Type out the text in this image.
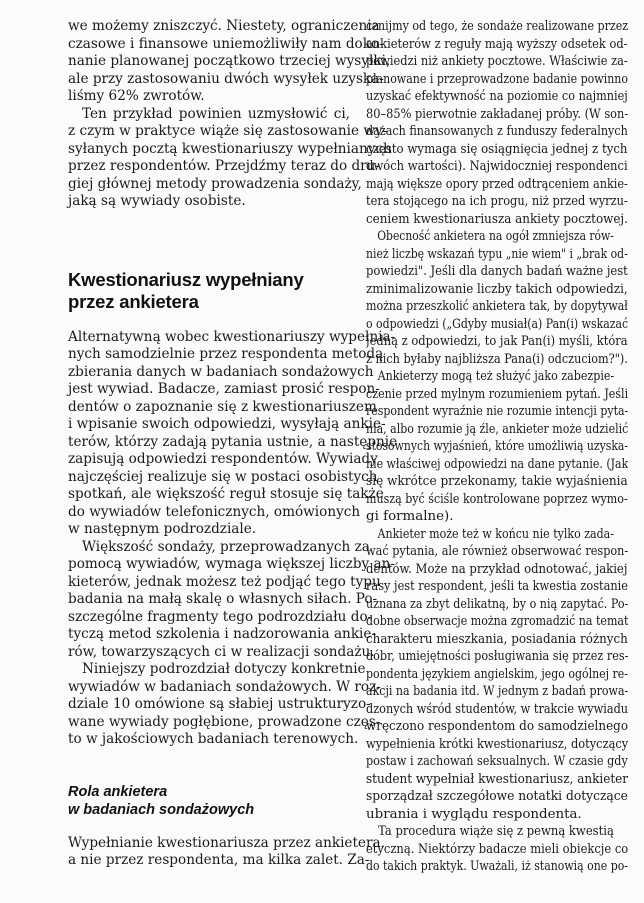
we możemy zniszczyć. Niestety, ograniczenia
czasowe i finansowe uniemożliwiły nam doko-
nanie planowanej początkowo trzeciej wysyłki,
ale przy zastosowaniu dwóch wysyłek uzyska-
liśmy 62% zwrotów.
Ten przykład powinien uzmysłowić ci,
z czym w praktyce wiąże się zastosowanie wy-
syłanych pocztą kwestionariuszy wypełnianych
przez respondentów. Przejdźmy teraz do dru-
giej głównej metody prowadzenia sondaży,
jaką są wywiady osobiste.
Kwestionariusz wypełniany
przez ankietera
Alternatywną wobec kwestionariuszy wypełnia-
nych samodzielnie przez respondenta metodą
zbierania danych w badaniach sondażowych
jest wywiad. Badacze, zamiast prosić respon-
dentów o zapoznanie się z kwestionariuszem
i wpisanie swoich odpowiedzi, wysyłają ankie-
terów, którzy zadają pytania ustnie, a następnie
zapisują odpowiedzi respondentów. Wywiady
najczęściej realizuje się w postaci osobistych
spotkań, ale większość reguł stosuje się także
do wywiadów telefonicznych, omówionych
w następnym podrozdziale.
Większość sondaży, przeprowadzanych za
pomocą wywiadów, wymaga większej liczby an-
kieterów, jednak możesz też podjąć tego typu
badania na małą skalę o własnych siłach. Po-
szczególne fragmenty tego podrozdziału do-
tyczą metod szkolenia i nadzorowania ankie-
rów, towarzyszących ci w realizacji sondażu.
Niniejszy podrozdział dotyczy konkretnie
wywiadów w badaniach sondażowych. W roz-
dziale 10 omówione są słabiej ustrukturyzo-
wane wywiady pogłębione, prowadzone częs-
to w jakościowych badaniach terenowych.
Rola ankietera
w badaniach sondażowych
Wypełnianie kwestionariusza przez ankietera,
a nie przez respondenta, ma kilka zalet. Za-
cznijmy od tego, że sondaże realizowane przez
ankieterów z reguły mają wyższy odsetek od-
powiedzi niż ankiety pocztowe. Właściwie za-
planowane i przeprowadzone badanie powinno
uzyskać efektywność na poziomie co najmniej
80–85% pierwotnie zakładanej próby. (W son-
dażach finansowanych z funduszy federalnych
często wymaga się osiągnięcia jednej z tych
dwóch wartości). Najwidoczniej respondenci
mają większe opory przed odtrąceniem ankie-
tera stojącego na ich progu, niż przed wyrzu-
ceniem kwestionariusza ankiety pocztowej.
Obecność ankietera na ogół zmniejsza rów-
nież liczbę wskazań typu „nie wiem" i „brak od-
powiedzi". Jeśli dla danych badań ważne jest
zminimalizowanie liczby takich odpowiedzi,
można przeszkolić ankietera tak, by dopytywał
o odpowiedzi („Gdyby musiał(a) Pan(i) wskazać
jedną z odpowiedzi, to jak Pan(i) myśli, która
z nich byłaby najbliższa Pana(i) odczuciom?").
Ankieterzy mogą też służyć jako zabezpie-
czenie przed mylnym rozumieniem pytań. Jeśli
respondent wyraźnie nie rozumie intencji pyta-
nia, albo rozumie ją źle, ankieter może udzielić
stosownych wyjaśnień, które umożliwią uzyska-
nie właściwej odpowiedzi na dane pytanie. (Jak
się wkrótce przekonamy, takie wyjaśnienia
muszą być ściśle kontrolowane poprzez wymo-
gi formalne).
Ankieter może też w końcu nie tylko zada-
wać pytania, ale również obserwować respon-
dentów. Może na przykład odnotować, jakiej
rasy jest respondent, jeśli ta kwestia zostanie
uznana za zbyt delikatną, by o nią zapytać. Po-
dobne obserwacje można zgromadzić na temat
charakteru mieszkania, posiadania różnych
dóbr, umiejętności posługiwania się przez res-
pondenta językiem angielskim, jego ogólnej re-
akcji na badania itd. W jednym z badań prowa-
dzonych wśród studentów, w trakcie wywiadu
wręczono respondentom do samodzielnego
wypełnienia krótki kwestionariusz, dotyczący
postaw i zachowań seksualnych. W czasie gdy
student wypełniał kwestionariusz, ankieter
sporządzał szczegółowe notatki dotyczące
ubrania i wyglądu respondenta.
Ta procedura wiąże się z pewną kwestią
etyczną. Niektórzy badacze mieli obiekcje co
do takich praktyk. Uważali, iż stanowią one po-
